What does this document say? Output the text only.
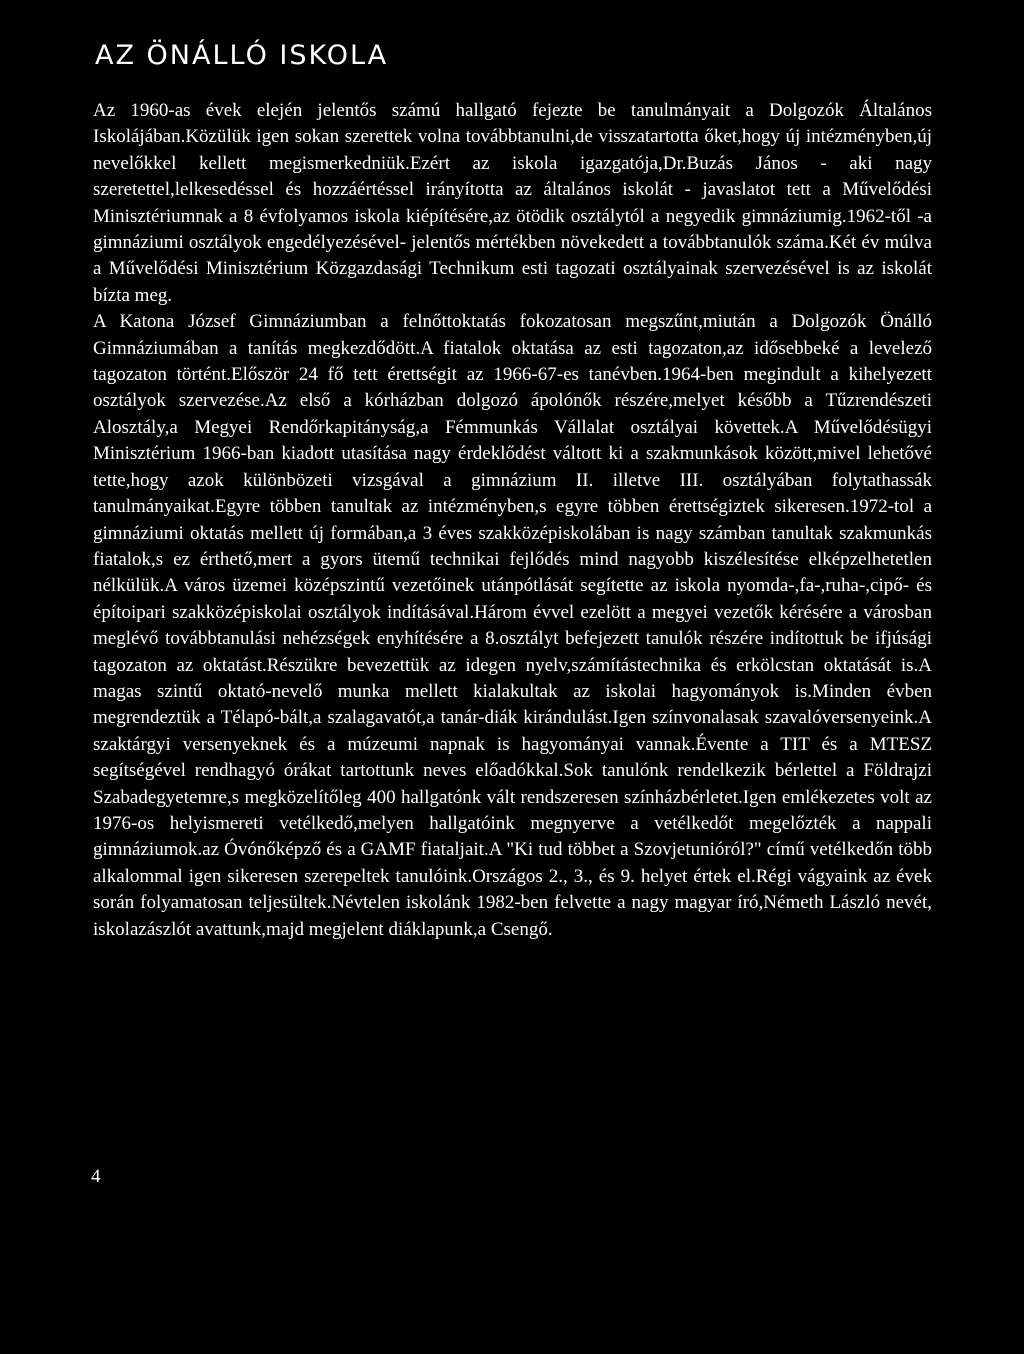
AZ ÖNÁLLÓ ISKOLA
Az 1960-as évek elején jelentős számú hallgató fejezte be tanulmányait a Dolgozók Általános Iskolájában.Közülük igen sokan szerettek volna továbbtanulni,de visszatartotta őket,hogy új intézményben,új nevelőkkel kellett megismerkedniük.Ezért az iskola igazgatója,Dr.Buzás János - aki nagy szeretettel,lelkesedéssel és hozzáértéssel irányította az általános iskolát - javaslatot tett a Művelődési Minisztériumnak a 8 évfolyamos iskola kiépítésére,az ötödik osztálytól a negyedik gimnáziumig.1962-től -a gimnáziumi osztályok engedélyezésével- jelentős mértékben növekedett a továbbtanulók száma.Két év múlva a Művelődési Minisztérium Közgazdasági Technikum esti tagozati osztályainak szervezésével is az iskolát bízta meg.
A Katona József Gimnáziumban a felnőttoktatás fokozatosan megszűnt,miután a Dolgozók Önálló Gimnáziumában a tanítás megkezdődött.A fiatalok oktatása az esti tagozaton,az idősebbeké a levelező tagozaton történt.Először 24 fő tett érettségit az 1966-67-es tanévben.1964-ben megindult a kihelyezett osztályok szervezése.Az első a kórházban dolgozó ápolónők részére,melyet később a Tűzrendészeti Alosztály,a Megyei Rendőrkapitányság,a Fémmunkás Vállalat osztályai követtek.A Művelődésügyi Minisztérium 1966-ban kiadott utasítása nagy érdeklődést váltott ki a szakmunkások között,mivel lehetővé tette,hogy azok különbözeti vizsgával a gimnázium II. illetve III. osztályában folytathassák tanulmányaikat.Egyre többen tanultak az intézményben,s egyre többen érettségiztek sikeresen.1972-tol a gimnáziumi oktatás mellett új formában,a 3 éves szakközépiskolában is nagy számban tanultak szakmunkás fiatalok,s ez érthető,mert a gyors ütemű technikai fejlődés mind nagyobb kiszélesítése elképzelhetetlen nélkülük.A város üzemei középszintű vezetőinek utánpótlását segítette az iskola nyomda-,fa-,ruha-,cipő- és építoipari szakközépiskolai osztályok indításával.Három évvel ezelött a megyei vezetők kérésére a városban meglévő továbbtanulási nehézségek enyhítésére a 8.osztályt befejezett tanulók részére indítottuk be ifjúsági tagozaton az oktatást.Részükre bevezettük az idegen nyelv,számítástechnika és erkölcstan oktatását is.A magas szintű oktató-nevelő munka mellett kialakultak az iskolai hagyományok is.Minden évben megrendeztük a Télapó-bált,a szalagavatót,a tanár-diák kirándulást.Igen színvonalasak szavalóversenyeink.A szaktárgyi versenyeknek és a múzeumi napnak is hagyományai vannak.Évente a TIT és a MTESZ segítségével rendhagyó órákat tartottunk neves előadókkal.Sok tanulónk rendelkezik bérlettel a Földrajzi Szabadegyetemre,s megközelítőleg 400 hallgatónk vált rendszeresen színházbérletet.Igen emlékezetes volt az 1976-os helyismereti vetélkedő,melyen hallgatóink megnyerve a vetélkedőt megelőzték a nappali gimnáziumok.az Óvónőképző és a GAMF fiataljait.A "Ki tud többet a Szovjetunióról?" című vetélkedőn több alkalommal igen sikeresen szerepeltek tanulóink.Országos 2., 3., és 9. helyet értek el.Régi vágyaink az évek során folyamatosan teljesültek.Névtelen iskolánk 1982-ben felvette a nagy magyar író,Németh László nevét, iskolazászlót avattunk,majd megjelent diáklapunk,a Csengő.
4
